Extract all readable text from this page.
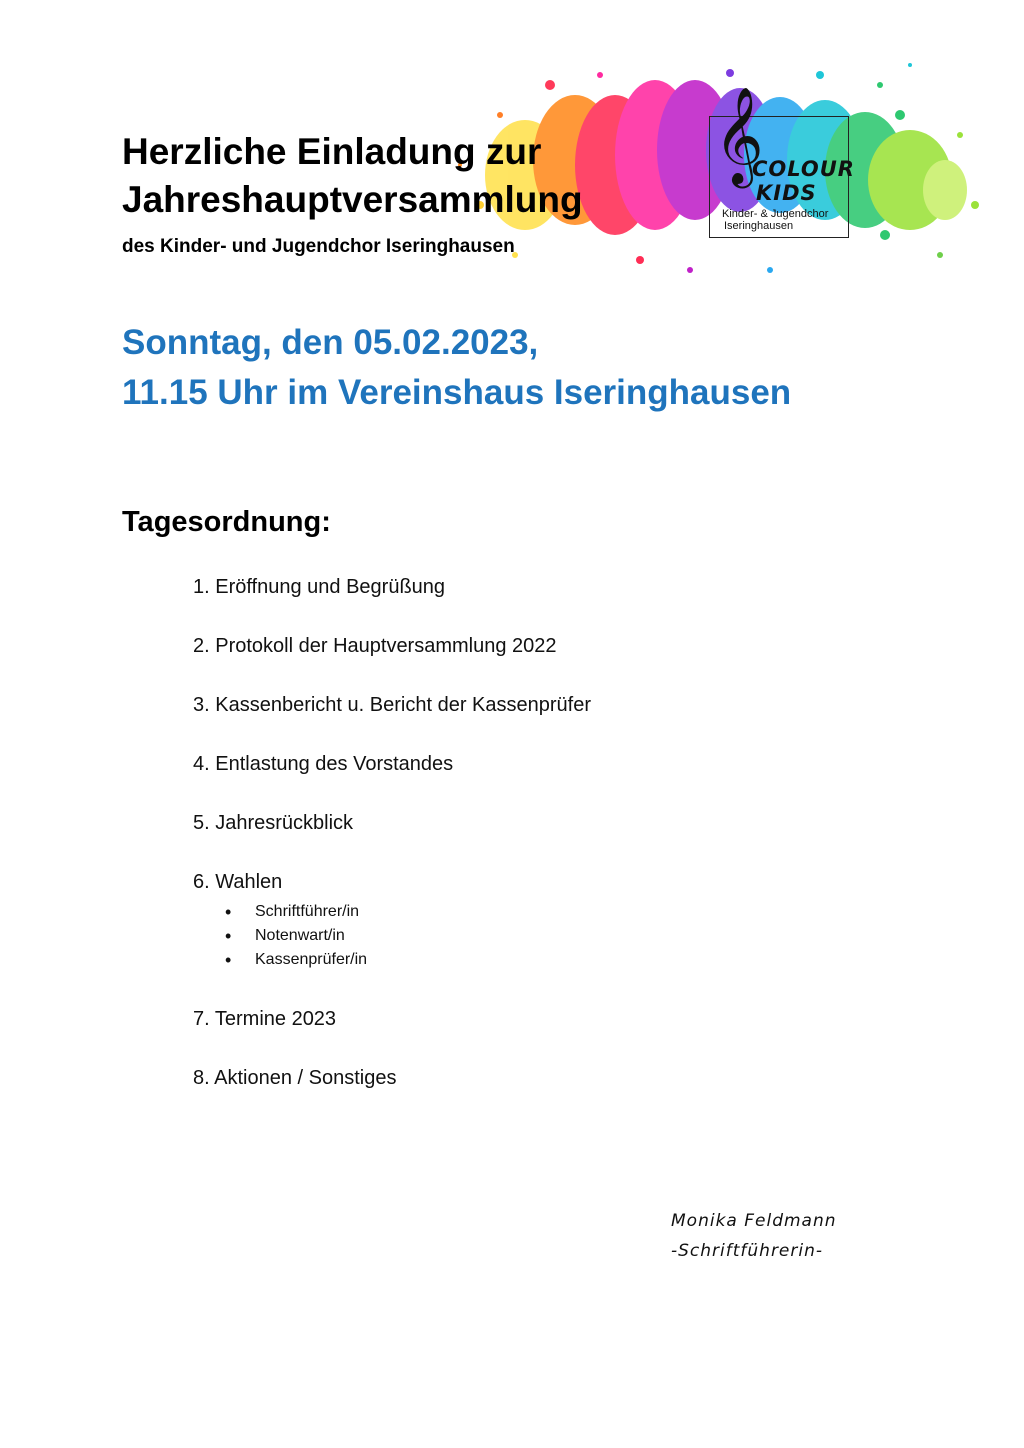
𝄞
COLOUR
KIDS
Kinder- & Jugendchor
Iseringhausen
Herzliche Einladung zur
Jahreshauptversammlung
des Kinder- und Jugendchor Iseringhausen
Sonntag, den 05.02.2023,
11.15 Uhr im Vereinshaus Iseringhausen
Tagesordnung:
1. Eröffnung und Begrüßung
2. Protokoll der Hauptversammlung 2022
3. Kassenbericht u. Bericht der Kassenprüfer
4. Entlastung des Vorstandes
5. Jahresrückblick
6. Wahlen
• Schriftführer/in
• Notenwart/in
• Kassenprüfer/in
7. Termine 2023
8. Aktionen / Sonstiges
Monika Feldmann
-Schriftführerin-
